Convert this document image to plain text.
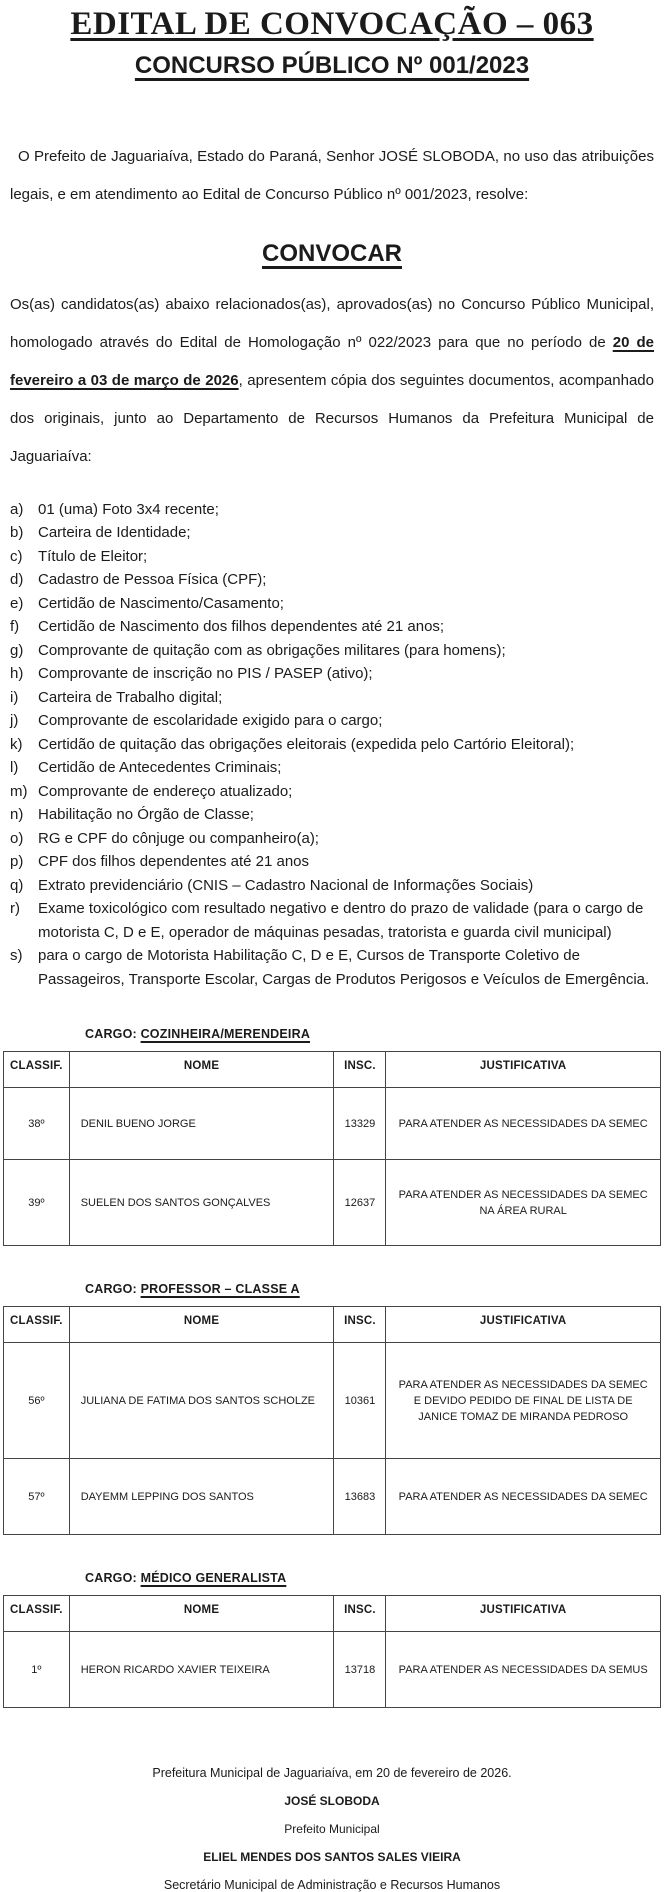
EDITAL DE CONVOCAÇÃO – 063
CONCURSO PÚBLICO Nº 001/2023

O Prefeito de Jaguariaíva, Estado do Paraná, Senhor JOSÉ SLOBODA, no uso das atribuições legais, e em atendimento ao Edital de Concurso Público nº 001/2023, resolve:

CONVOCAR

Os(as) candidatos(as) abaixo relacionados(as), aprovados(as) no Concurso Público Municipal, homologado através do Edital de Homologação nº 022/2023 para que no período de 20 de fevereiro a 03 de março de 2026, apresentem cópia dos seguintes documentos, acompanhado dos originais, junto ao Departamento de Recursos Humanos da Prefeitura Municipal de Jaguariaíva:

a) 01 (uma) Foto 3x4 recente;
b) Carteira de Identidade;
c) Título de Eleitor;
d) Cadastro de Pessoa Física (CPF);
e) Certidão de Nascimento/Casamento;
f) Certidão de Nascimento dos filhos dependentes até 21 anos;
g) Comprovante de quitação com as obrigações militares (para homens);
h) Comprovante de inscrição no PIS / PASEP (ativo);
i) Carteira de Trabalho digital;
j) Comprovante de escolaridade exigido para o cargo;
k) Certidão de quitação das obrigações eleitorais (expedida pelo Cartório Eleitoral);
l) Certidão de Antecedentes Criminais;
m) Comprovante de endereço atualizado;
n) Habilitação no Órgão de Classe;
o) RG e CPF do cônjuge ou companheiro(a);
p) CPF dos filhos dependentes até 21 anos
q) Extrato previdenciário (CNIS – Cadastro Nacional de Informações Sociais)
r) Exame toxicológico com resultado negativo e dentro do prazo de validade (para o cargo de motorista C, D e E, operador de máquinas pesadas, tratorista e guarda civil municipal)
s) para o cargo de Motorista Habilitação C, D e E, Cursos de Transporte Coletivo de Passageiros, Transporte Escolar, Cargas de Produtos Perigosos e Veículos de Emergência.
CARGO: COZINHEIRA/MERENDEIRA
CLASSIF.	NOME	INSC.	JUSTIFICATIVA
38º	DENIL BUENO JORGE	13329	PARA ATENDER AS NECESSIDADES DA SEMEC
39º	SUELEN DOS SANTOS GONÇALVES	12637	PARA ATENDER AS NECESSIDADES DA SEMEC NA ÁREA RURAL
CARGO: PROFESSOR – CLASSE A
CLASSIF.	NOME	INSC.	JUSTIFICATIVA
56º	JULIANA DE FATIMA DOS SANTOS SCHOLZE	10361	PARA ATENDER AS NECESSIDADES DA SEMEC E DEVIDO PEDIDO DE FINAL DE LISTA DE JANICE TOMAZ DE MIRANDA PEDROSO
57º	DAYEMM LEPPING DOS SANTOS	13683	PARA ATENDER AS NECESSIDADES DA SEMEC
CARGO: MÉDICO GENERALISTA
CLASSIF.	NOME	INSC.	JUSTIFICATIVA
1º	HERON RICARDO XAVIER TEIXEIRA	13718	PARA ATENDER AS NECESSIDADES DA SEMUS
Prefeitura Municipal de Jaguariaíva, em 20 de fevereiro de 2026.
JOSÉ SLOBODA
Prefeito Municipal
ELIEL MENDES DOS SANTOS SALES VIEIRA
Secretário Municipal de Administração e Recursos Humanos
